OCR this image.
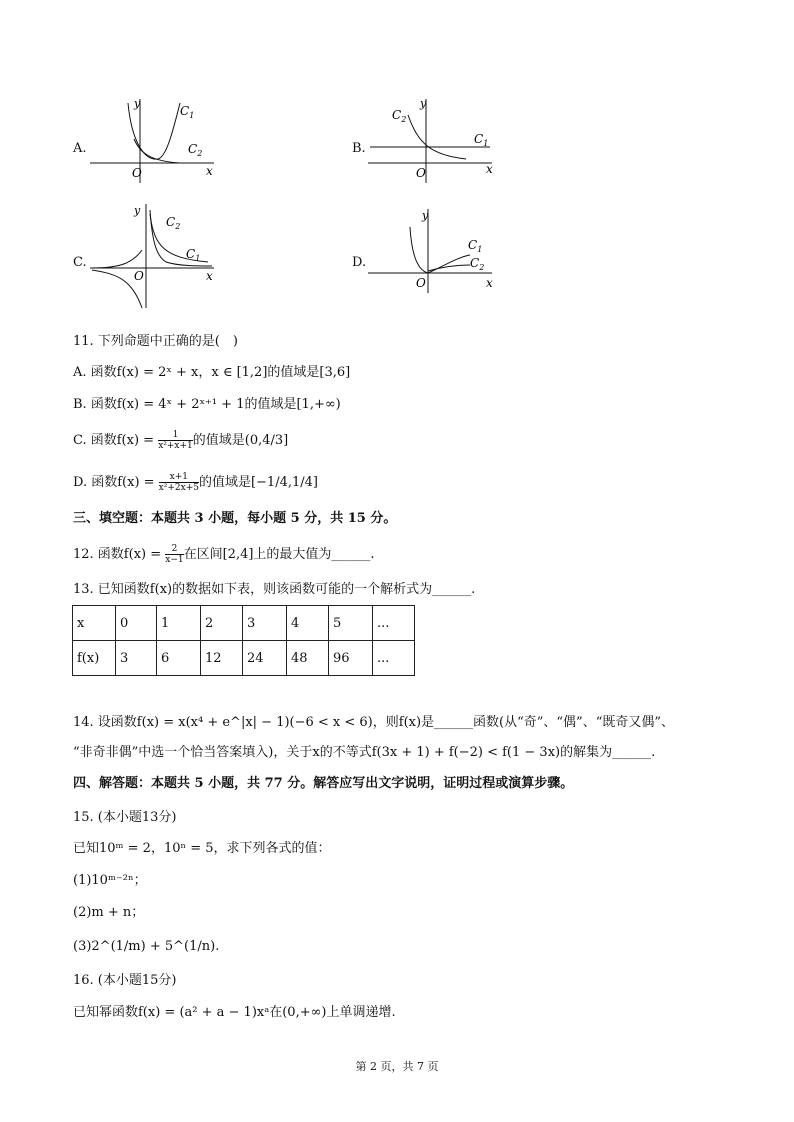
A.
y
$C_1$
$C_2$
O	x
B.
y
$C_1$
$C_2$
O	x
C.
y
$C_2$
$C_1$
O	x
D.
y
$C_1$
$C_2$
O	x
11. 下列命题中正确的是(　)
A. 函数f(x) = 2ˣ + x，x ∈ [1,2]的值域是[3,6]
B. 函数f(x) = 4ˣ + 2ˣ⁺¹ + 1的值域是[1,+∞)
C. 函数$f(x) = \frac{1}{\text{x²+x+1}}$ 的值域是(0,4/3]
D. 函数$f(x) = \frac{x+1}{\text{x²+2x+5}}$ 的值域是[−1/4,1/4]
三、填空题：本题共 3 小题，每小题 5 分，共 15 分。
12. 函数$f(x) = \frac{2}{x-1}$ 在区间[2,4]上的最大值为______.
13. 已知函数f(x)的数据如下表，则该函数可能的一个解析式为______.
x	0	1	2	3	4	5	...
f(x)	3	6	12	24	48	96	...
14. 设函数f(x) = x(x⁴ + e^|x| − 1)(−6 < x < 6)，则f(x)是______函数(从“奇”、“偶”、“既奇又偶”、
“非奇非偶”中选一个恰当答案填入)，关于x的不等式f(3x + 1) + f(−2) < f(1 − 3x)的解集为______.
四、解答题：本题共 5 小题，共 77 分。解答应写出文字说明，证明过程或演算步骤。
15. (本小题13分)
已知10ᵐ = 2，10ⁿ = 5，求下列各式的值：
(1)10ᵐ⁻²ⁿ；
(2)m + n；
(3)2^(1/m) + 5^(1/n).
16. (本小题15分)
已知幂函数f(x) = (a² + a − 1)xᵃ在(0,+∞)上单调递增.
第 2 页，共 7 页
